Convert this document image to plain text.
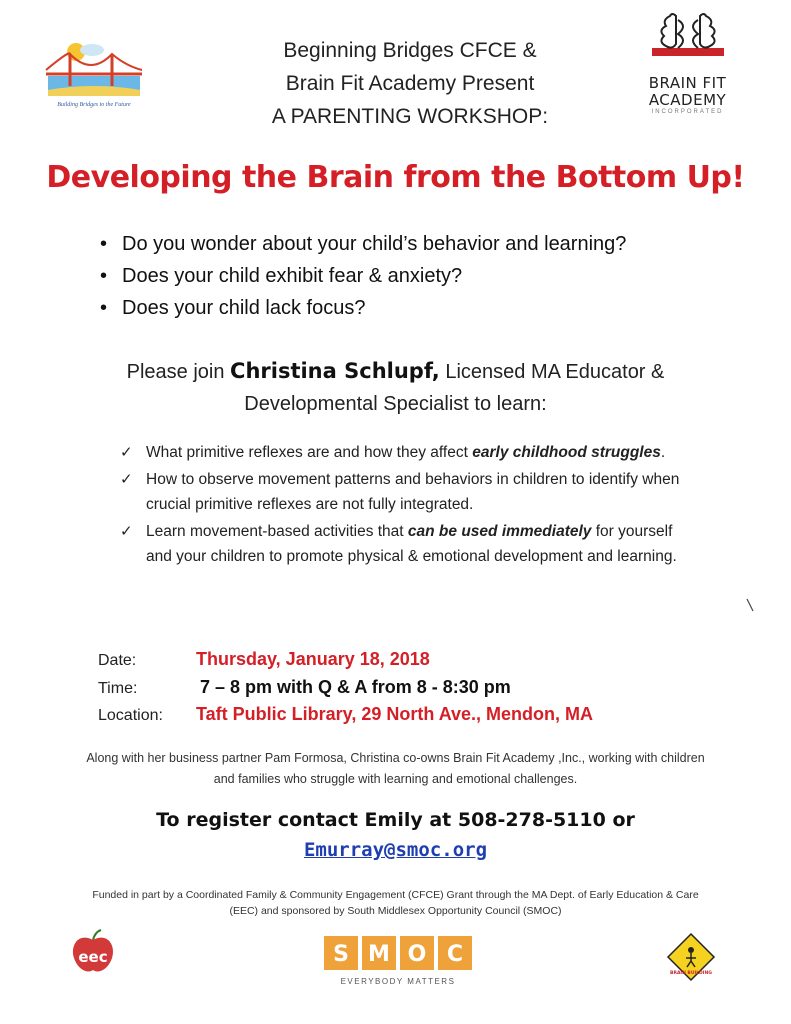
Building Bridges to the Future
Beginning Bridges CFCE &
Brain Fit Academy Present
A PARENTING WORKSHOP:
BRAIN FIT
ACADEMY
INCORPORATED
Developing the Brain from the Bottom Up!
• Do you wonder about your child’s behavior and learning?
• Does your child exhibit fear & anxiety?
• Does your child lack focus?
Please join Christina Schlupf, Licensed MA Educator &
Developmental Specialist to learn:
✓ What primitive reflexes are and how they affect early childhood struggles.
✓ How to observe movement patterns and behaviors in children to identify when crucial primitive reflexes are not fully integrated.
✓ Learn movement-based activities that can be used immediately for yourself and your children to promote physical & emotional development and learning.
Date:	Thursday, January 18, 2018
Time:	7 – 8 pm with Q & A from 8 - 8:30 pm
Location: Taft Public Library, 29 North Ave., Mendon, MA
Along with her business partner Pam Formosa, Christina co-owns Brain Fit Academy ,Inc., working with children and families who struggle with learning and emotional challenges.
To register contact Emily at 508-278-5110 or
Emurray@smoc.org
Funded in part by a Coordinated Family & Community Engagement (CFCE) Grant through the MA Dept. of Early Education & Care (EEC) and sponsored by South Middlesex Opportunity Council (SMOC)
eec	S M O C
EVERYBODY MATTERS
BRAIN BUILDING
